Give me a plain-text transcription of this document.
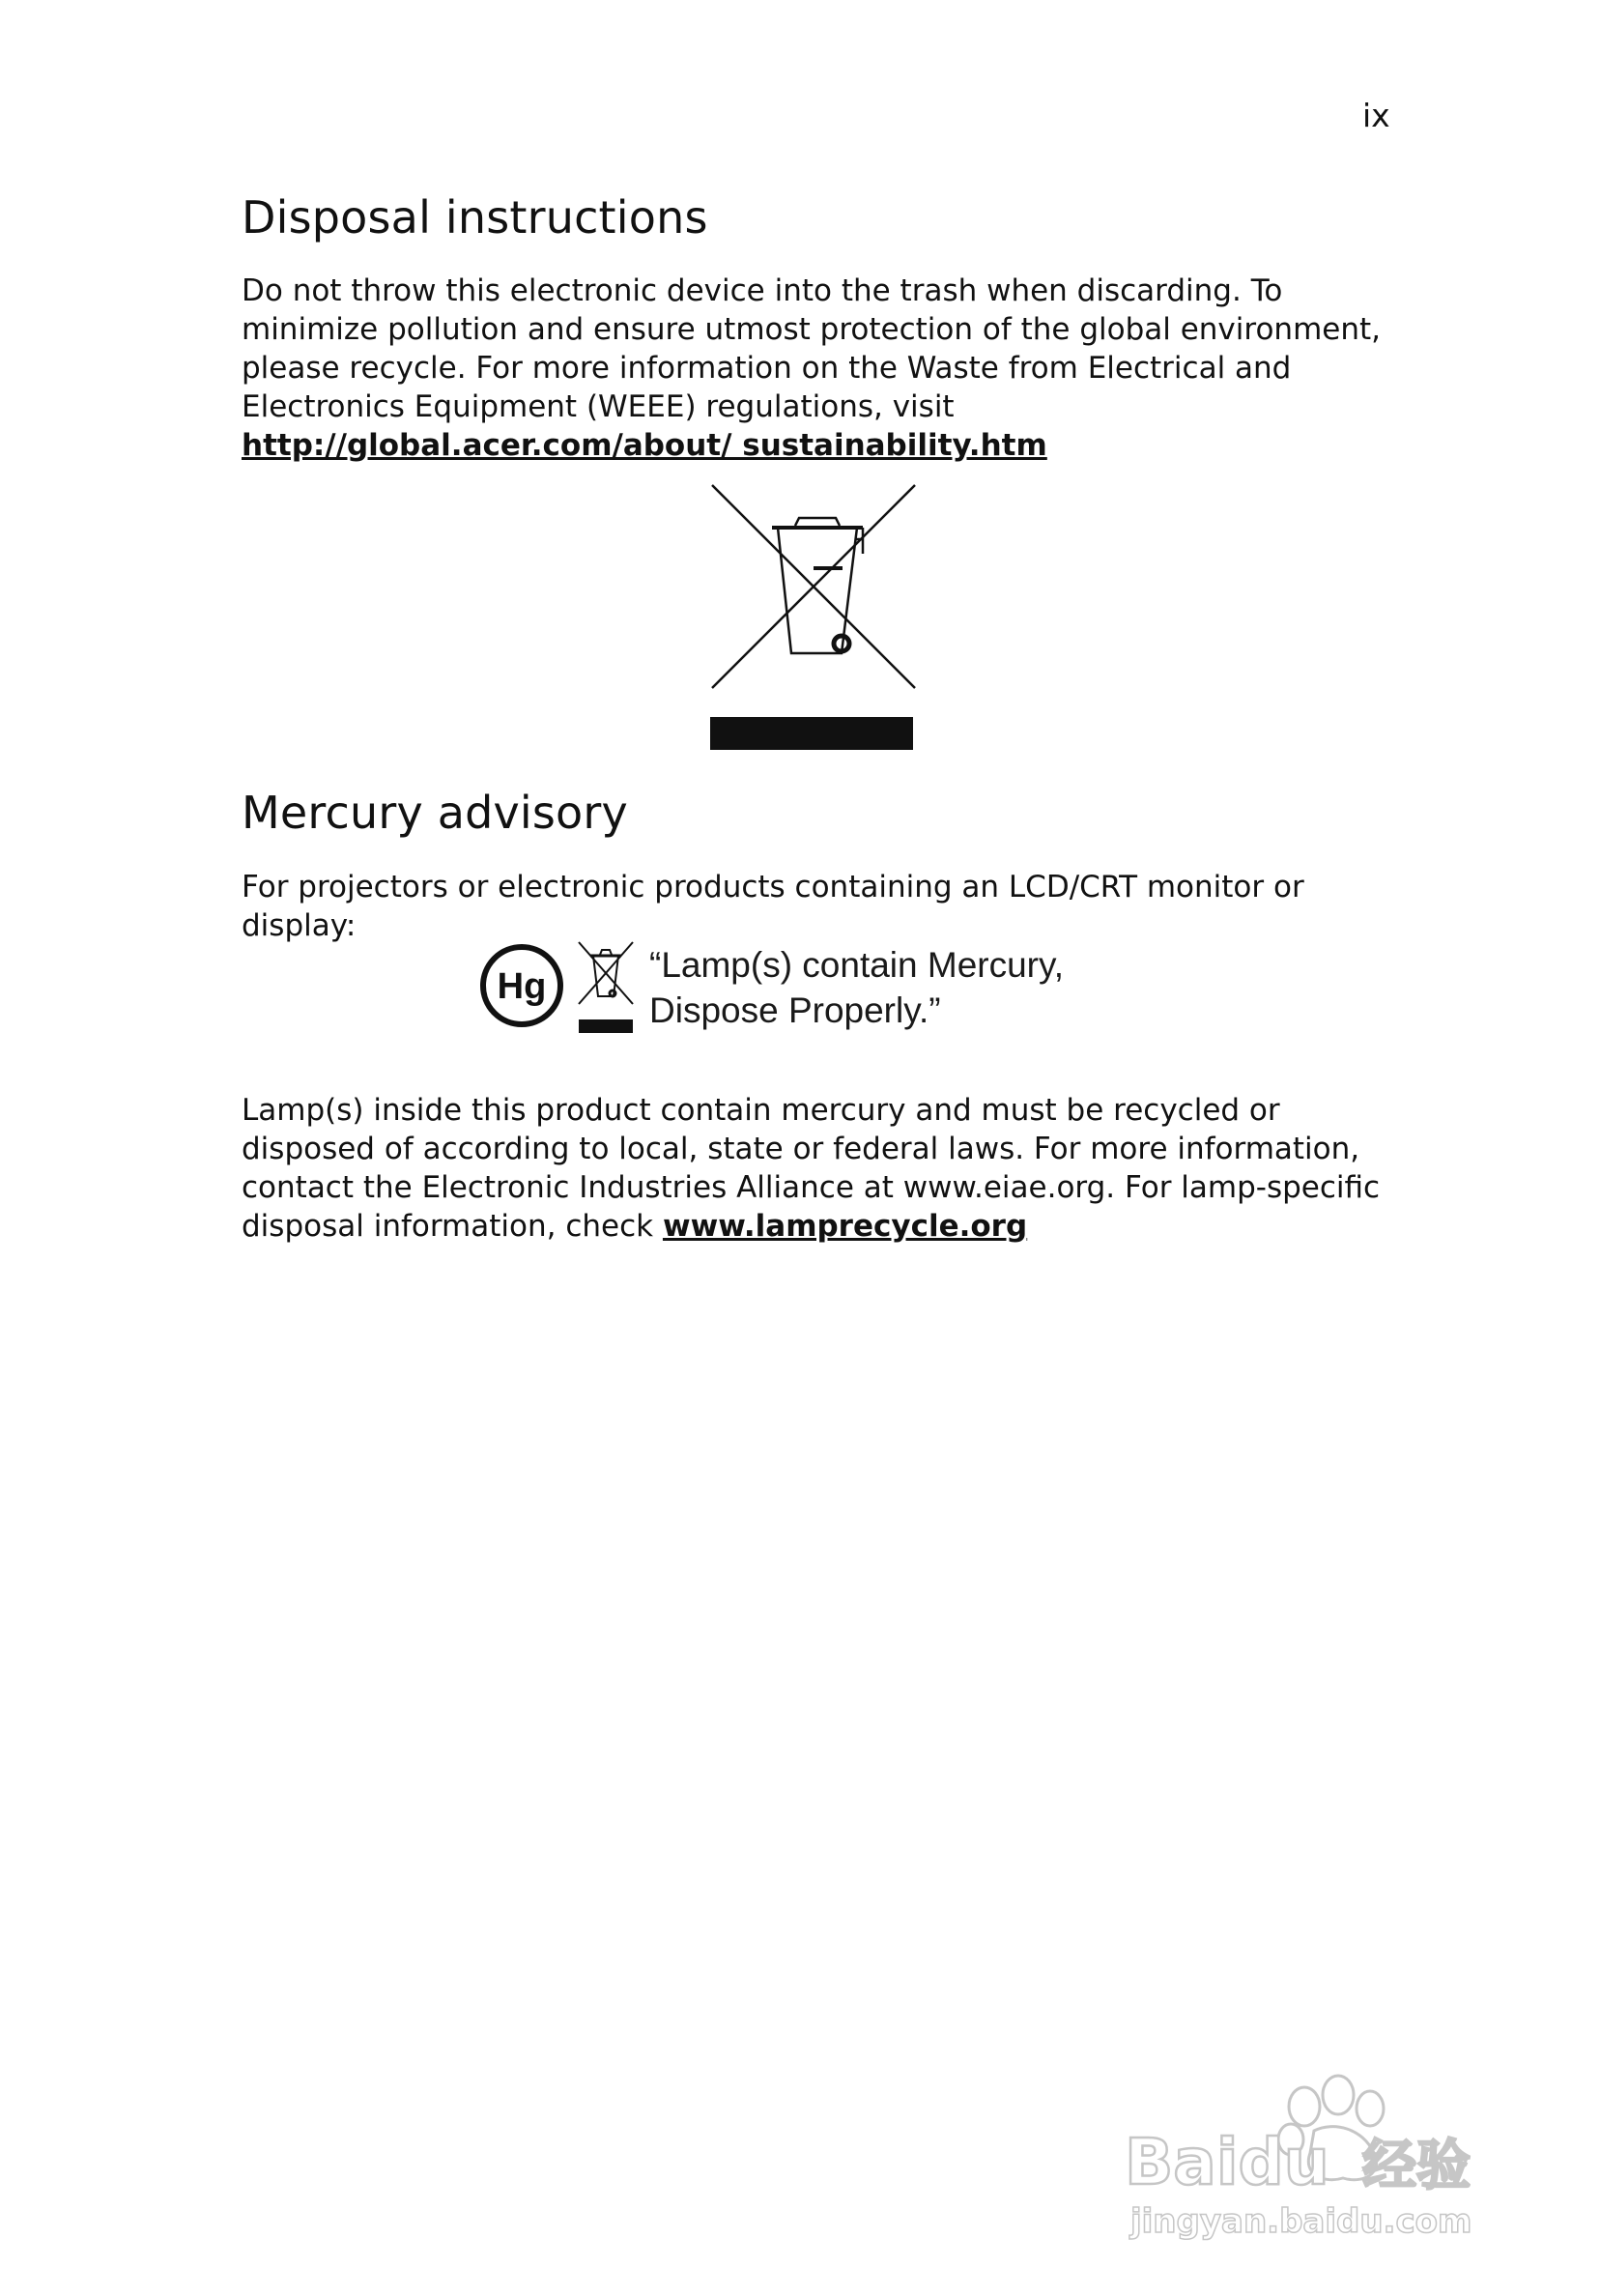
ix
Disposal instructions

Do not throw this electronic device into the trash when discarding. To minimize pollution and ensure utmost protection of the global environment, please recycle. For more information on the Waste from Electrical and Electronics Equipment (WEEE) regulations, visit http://global.acer.com/about/ sustainability.htm

Mercury advisory

For projectors or electronic products containing an LCD/CRT monitor or display:

Hg
“Lamp(s) contain Mercury,
Dispose Properly.”

Lamp(s) inside this product contain mercury and must be recycled or disposed of according to local, state or federal laws. For more information, contact the Electronic Industries Alliance at www.eiae.org. For lamp-specific disposal information, check www.lamprecycle.org

Baidu 经验
jingyan.baidu.com
